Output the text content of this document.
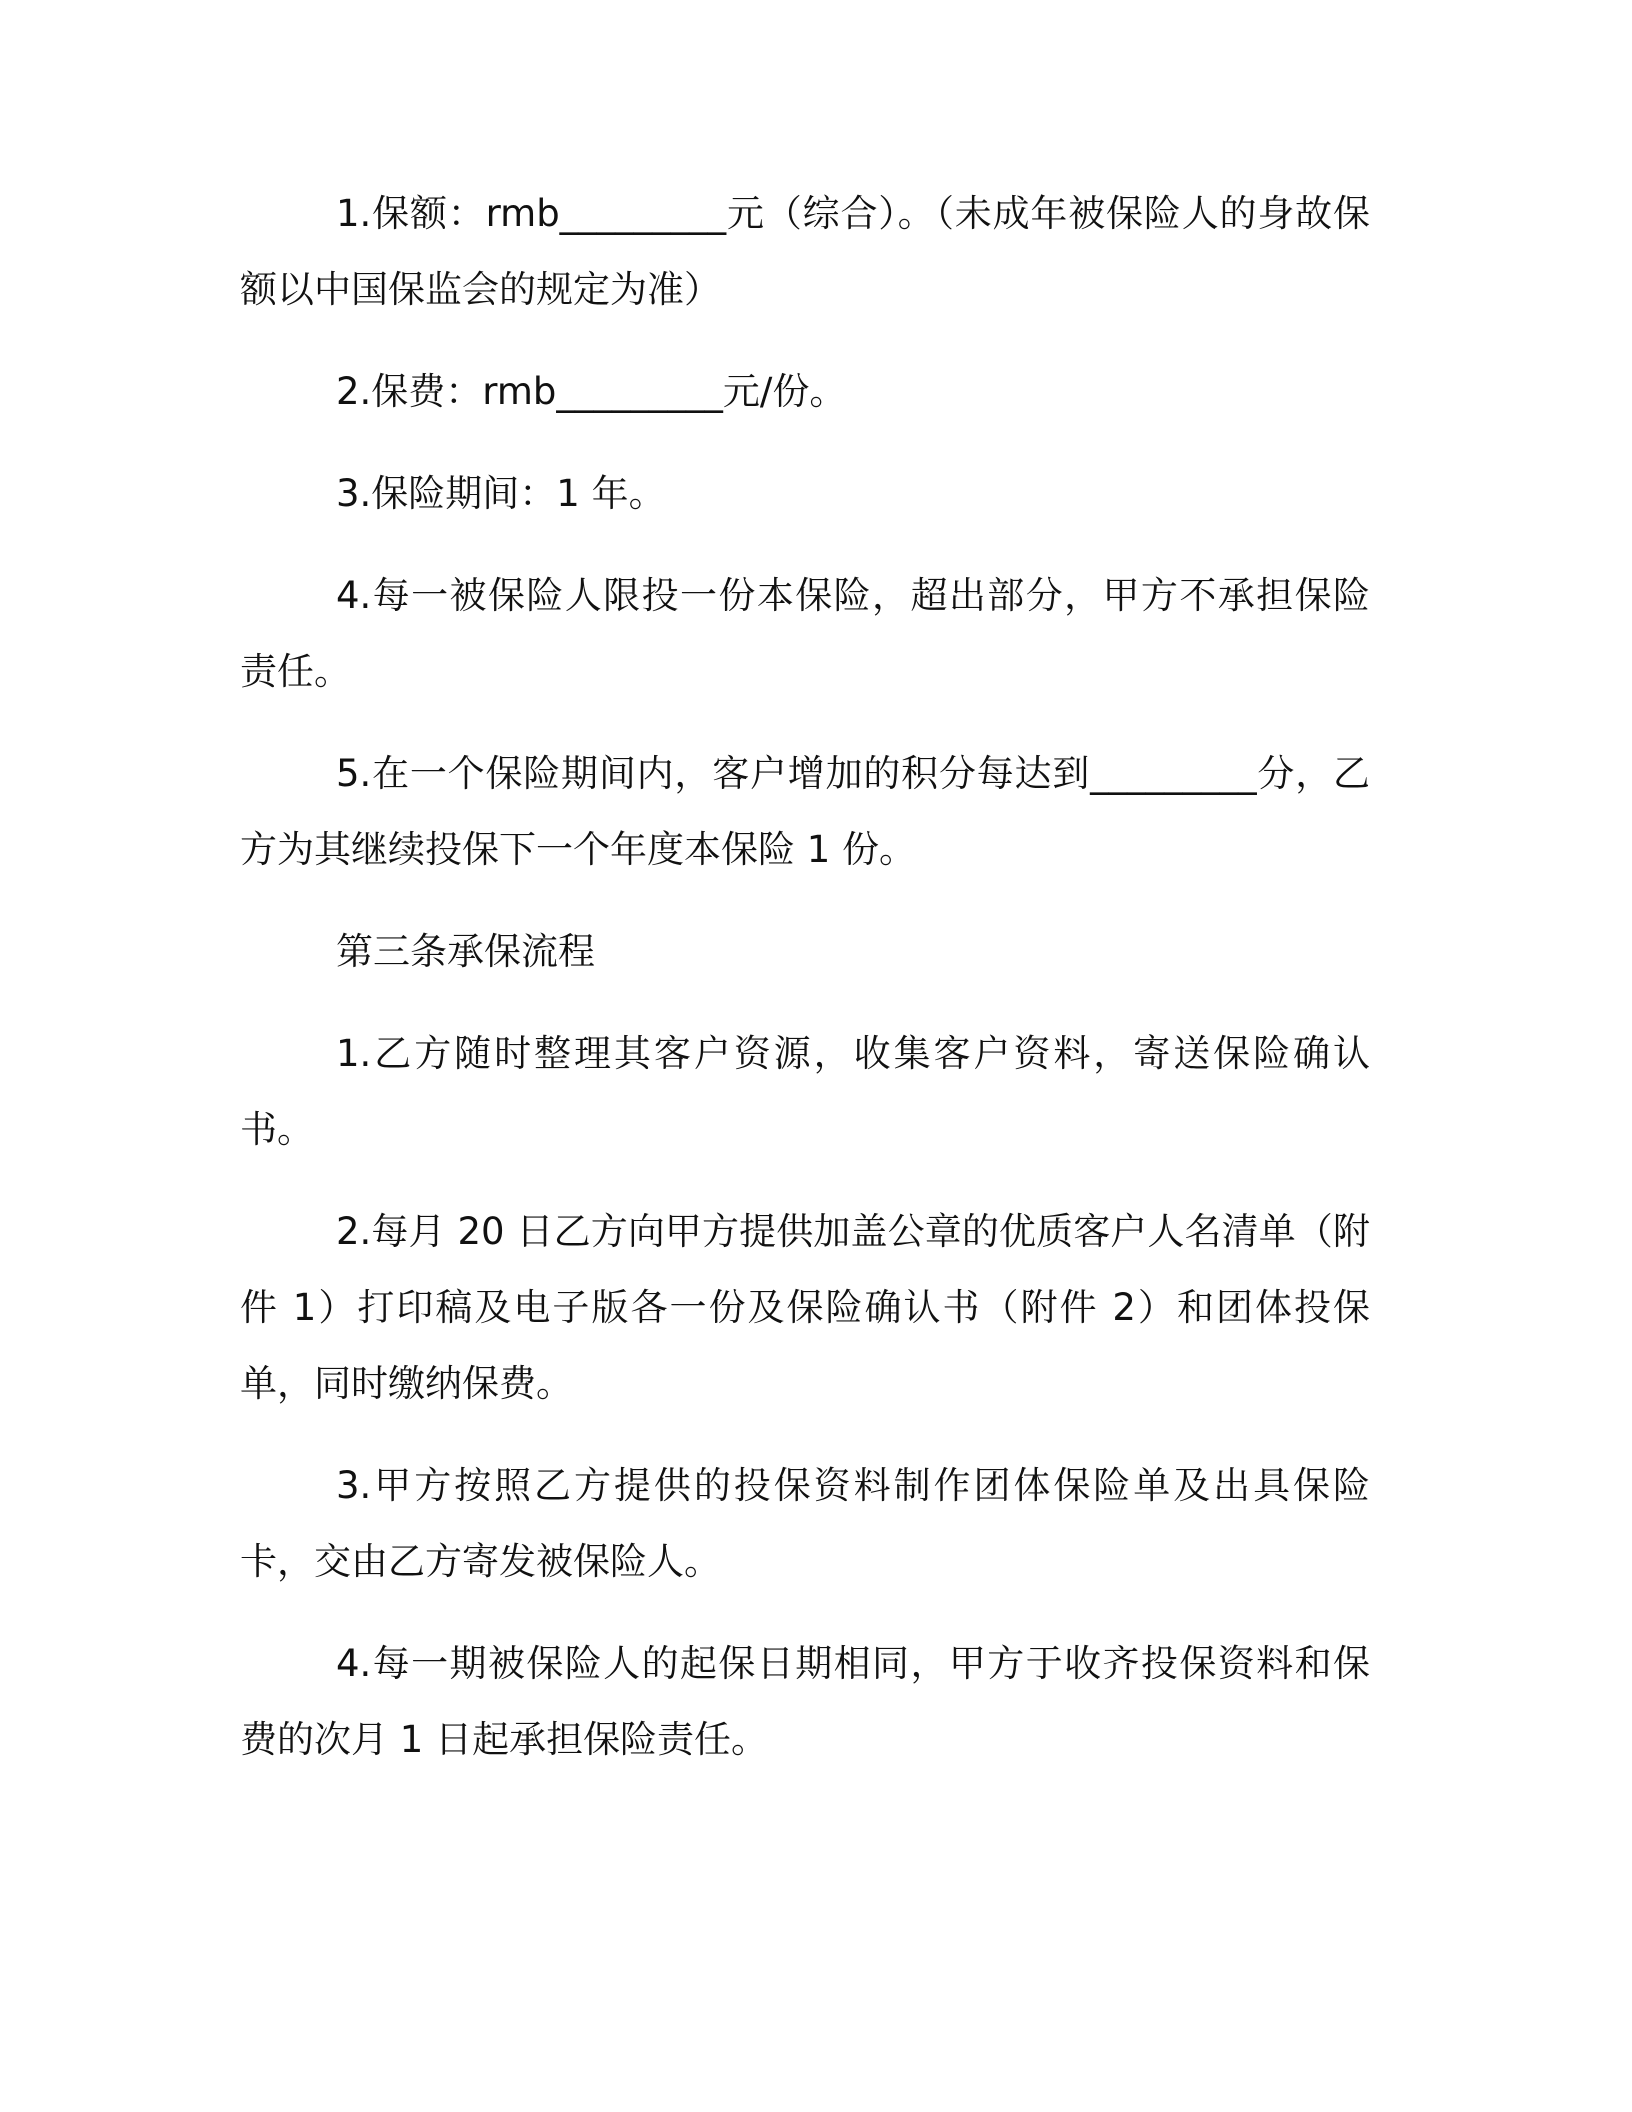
1.保额：rmb_________元（综合）。（未成年被保险人的身故保额以中国保监会的规定为准）

2.保费：rmb_________元/份。

3.保险期间：1 年。

4.每一被保险人限投一份本保险，超出部分，甲方不承担保险责任。

5.在一个保险期间内，客户增加的积分每达到_________分，乙方为其继续投保下一个年度本保险 1 份。

第三条承保流程

1.乙方随时整理其客户资源，收集客户资料，寄送保险确认书。

2.每月 20 日乙方向甲方提供加盖公章的优质客户人名清单（附件 1）打印稿及电子版各一份及保险确认书（附件 2）和团体投保单，同时缴纳保费。

3.甲方按照乙方提供的投保资料制作团体保险单及出具保险卡，交由乙方寄发被保险人。

4.每一期被保险人的起保日期相同，甲方于收齐投保资料和保费的次月 1 日起承担保险责任。
